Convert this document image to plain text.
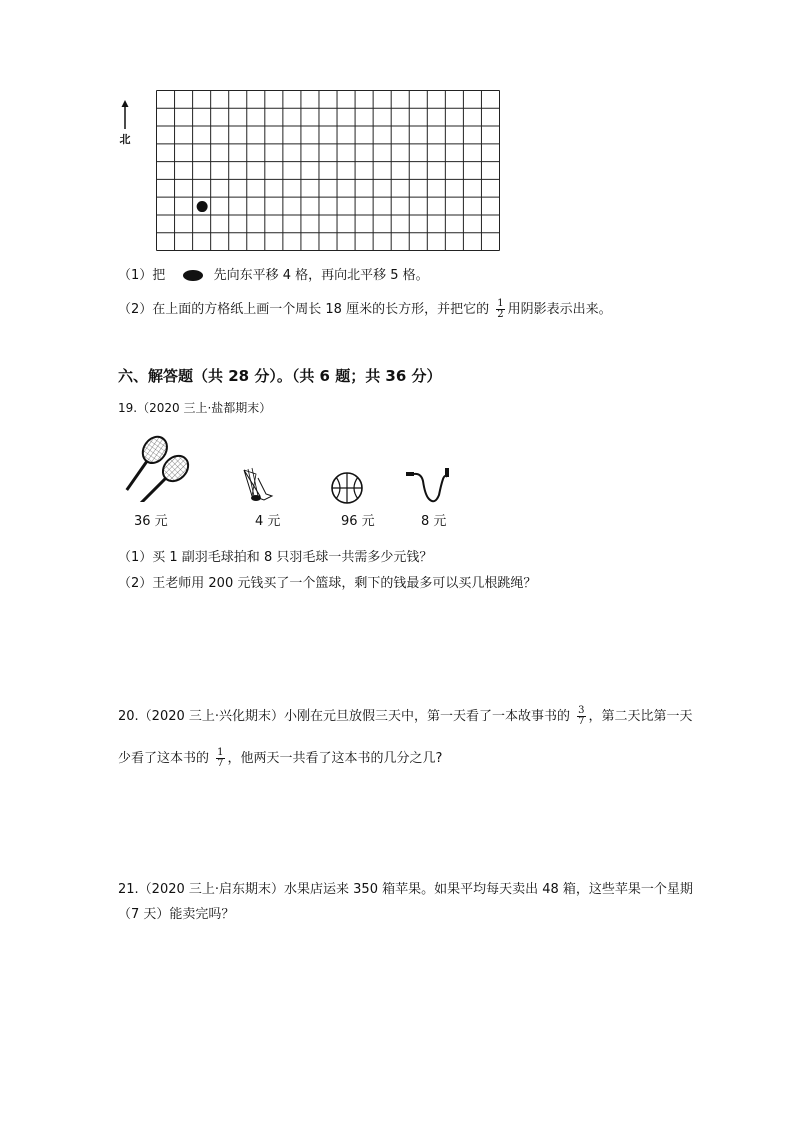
北
（1）把	先向东平移 4 格，再向北平移 5 格。
（2）在上面的方格纸上画一个周长 18 厘米的长方形，并把它的 $\frac{1}{2}$ 用阴影表示出来。
六、解答题（共 28 分）。（共 6 题；共 36 分）
19.（2020 三上·盐都期末）
36 元	4 元	96 元	8 元
（1）买 1 副羽毛球拍和 8 只羽毛球一共需多少元钱？
（2）王老师用 200 元钱买了一个篮球，剩下的钱最多可以买几根跳绳？
20.（2020 三上·兴化期末）小刚在元旦放假三天中，第一天看了一本故事书的 $\frac{3}{7}$ ，第二天比第一天
少看了这本书的 $\frac{1}{7}$ ，他两天一共看了这本书的几分之几?
21.（2020 三上·启东期末）水果店运来 350 箱苹果。如果平均每天卖出 48 箱，这些苹果一个星期
（7 天）能卖完吗？
